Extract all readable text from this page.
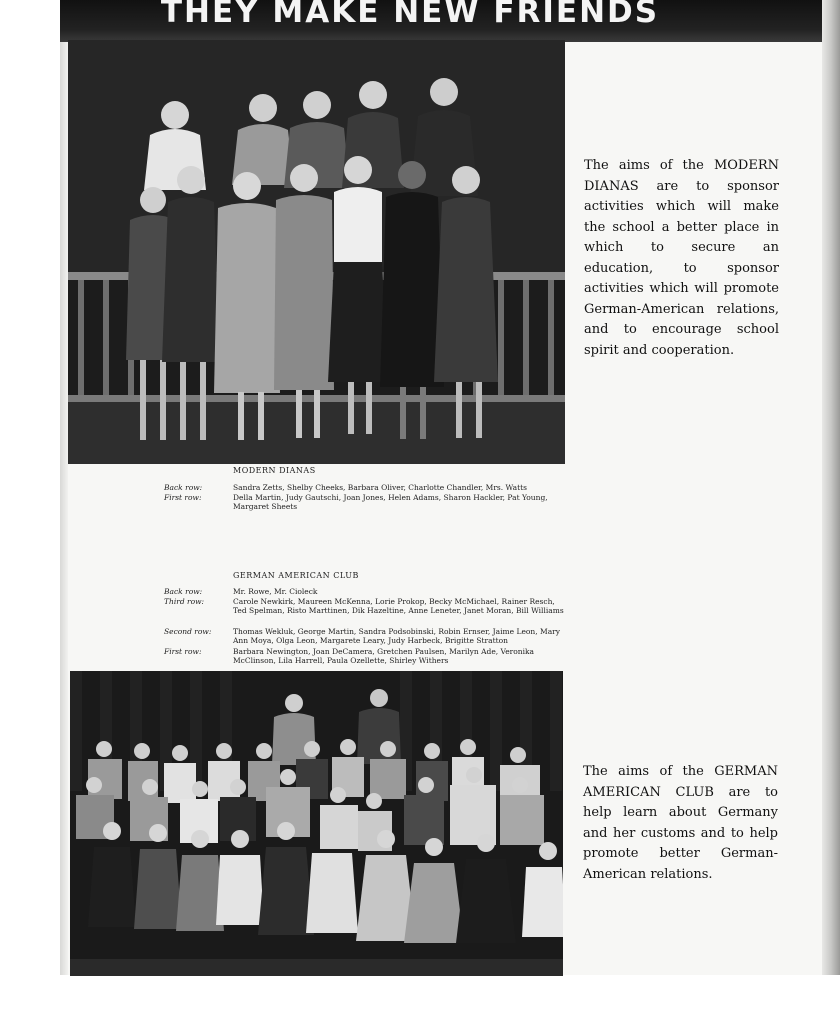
THEY MAKE NEW FRIENDS
MODERN DIANAS
Back row:	Sandra Zetts, Shelby Cheeks, Barbara Oliver, Charlotte Chandler, Mrs. Watts
First row:	Della Martin, Judy Gautschi, Joan Jones, Helen Adams, Sharon Hackler, Pat Young, Margaret Sheets
GERMAN AMERICAN CLUB
Back row:	Mr. Rowe, Mr. Cioleck
Third row:	Carole Newkirk, Maureen McKenna, Lorie Prokop, Becky McMichael, Rainer Resch, Ted Spelman, Risto Marttinen, Dik Hazeltine, Anne Leneter, Janet Moran, Bill Williams
Second row:	Thomas Wekluk, George Martin, Sandra Podsobinski, Robin Ernser, Jaime Leon, Mary Ann Moya, Olga Leon, Margarete Leary, Judy Harbeck, Brigitte Stratton
First row:	Barbara Newington, Joan DeCamera, Gretchen Paulsen, Marilyn Ade, Veronika McClinson, Lila Harrell, Paula Ozellette, Shirley Withers
The aims of the MODERN DIANAS are to sponsor activities which will make the school a better place in which to secure an education, to sponsor activities which will promote German-American relations, and to encourage school spirit and cooperation.
The aims of the GERMAN AMERICAN CLUB are to help learn about Germany and her customs and to help promote better German-American relations.
